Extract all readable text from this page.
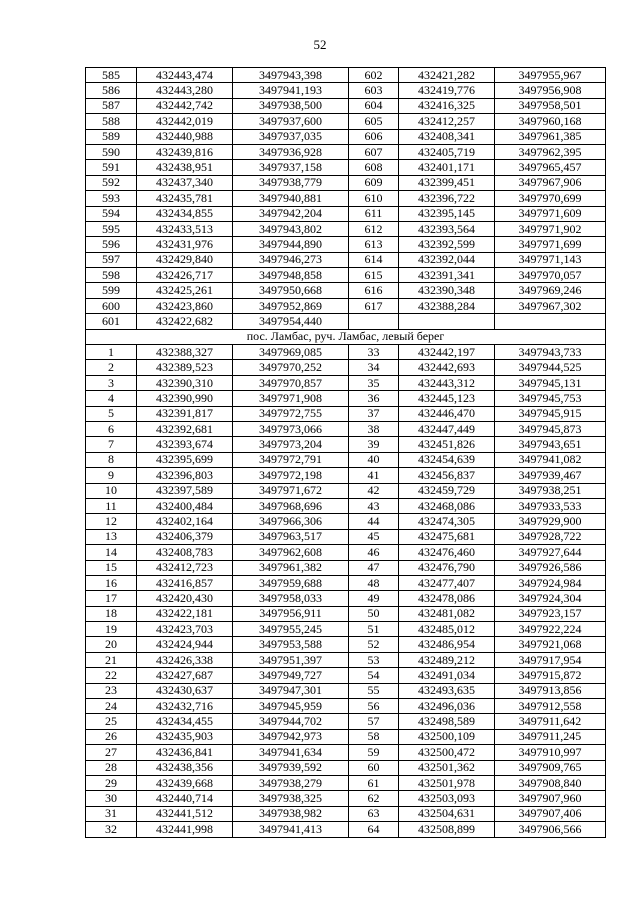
52
585	432443,474	3497943,398	602	432421,282	3497955,967
586	432443,280	3497941,193	603	432419,776	3497956,908
587	432442,742	3497938,500	604	432416,325	3497958,501
588	432442,019	3497937,600	605	432412,257	3497960,168
589	432440,988	3497937,035	606	432408,341	3497961,385
590	432439,816	3497936,928	607	432405,719	3497962,395
591	432438,951	3497937,158	608	432401,171	3497965,457
592	432437,340	3497938,779	609	432399,451	3497967,906
593	432435,781	3497940,881	610	432396,722	3497970,699
594	432434,855	3497942,204	611	432395,145	3497971,609
595	432433,513	3497943,802	612	432393,564	3497971,902
596	432431,976	3497944,890	613	432392,599	3497971,699
597	432429,840	3497946,273	614	432392,044	3497971,143
598	432426,717	3497948,858	615	432391,341	3497970,057
599	432425,261	3497950,668	616	432390,348	3497969,246
600	432423,860	3497952,869	617	432388,284	3497967,302
601	432422,682	3497954,440			
пос. Ламбас, руч. Ламбас, левый берег					
1	432388,327	3497969,085	33	432442,197	3497943,733
2	432389,523	3497970,252	34	432442,693	3497944,525
3	432390,310	3497970,857	35	432443,312	3497945,131
4	432390,990	3497971,908	36	432445,123	3497945,753
5	432391,817	3497972,755	37	432446,470	3497945,915
6	432392,681	3497973,066	38	432447,449	3497945,873
7	432393,674	3497973,204	39	432451,826	3497943,651
8	432395,699	3497972,791	40	432454,639	3497941,082
9	432396,803	3497972,198	41	432456,837	3497939,467
10	432397,589	3497971,672	42	432459,729	3497938,251
11	432400,484	3497968,696	43	432468,086	3497933,533
12	432402,164	3497966,306	44	432474,305	3497929,900
13	432406,379	3497963,517	45	432475,681	3497928,722
14	432408,783	3497962,608	46	432476,460	3497927,644
15	432412,723	3497961,382	47	432476,790	3497926,586
16	432416,857	3497959,688	48	432477,407	3497924,984
17	432420,430	3497958,033	49	432478,086	3497924,304
18	432422,181	3497956,911	50	432481,082	3497923,157
19	432423,703	3497955,245	51	432485,012	3497922,224
20	432424,944	3497953,588	52	432486,954	3497921,068
21	432426,338	3497951,397	53	432489,212	3497917,954
22	432427,687	3497949,727	54	432491,034	3497915,872
23	432430,637	3497947,301	55	432493,635	3497913,856
24	432432,716	3497945,959	56	432496,036	3497912,558
25	432434,455	3497944,702	57	432498,589	3497911,642
26	432435,903	3497942,973	58	432500,109	3497911,245
27	432436,841	3497941,634	59	432500,472	3497910,997
28	432438,356	3497939,592	60	432501,362	3497909,765
29	432439,668	3497938,279	61	432501,978	3497908,840
30	432440,714	3497938,325	62	432503,093	3497907,960
31	432441,512	3497938,982	63	432504,631	3497907,406
32	432441,998	3497941,413	64	432508,899	3497906,566
